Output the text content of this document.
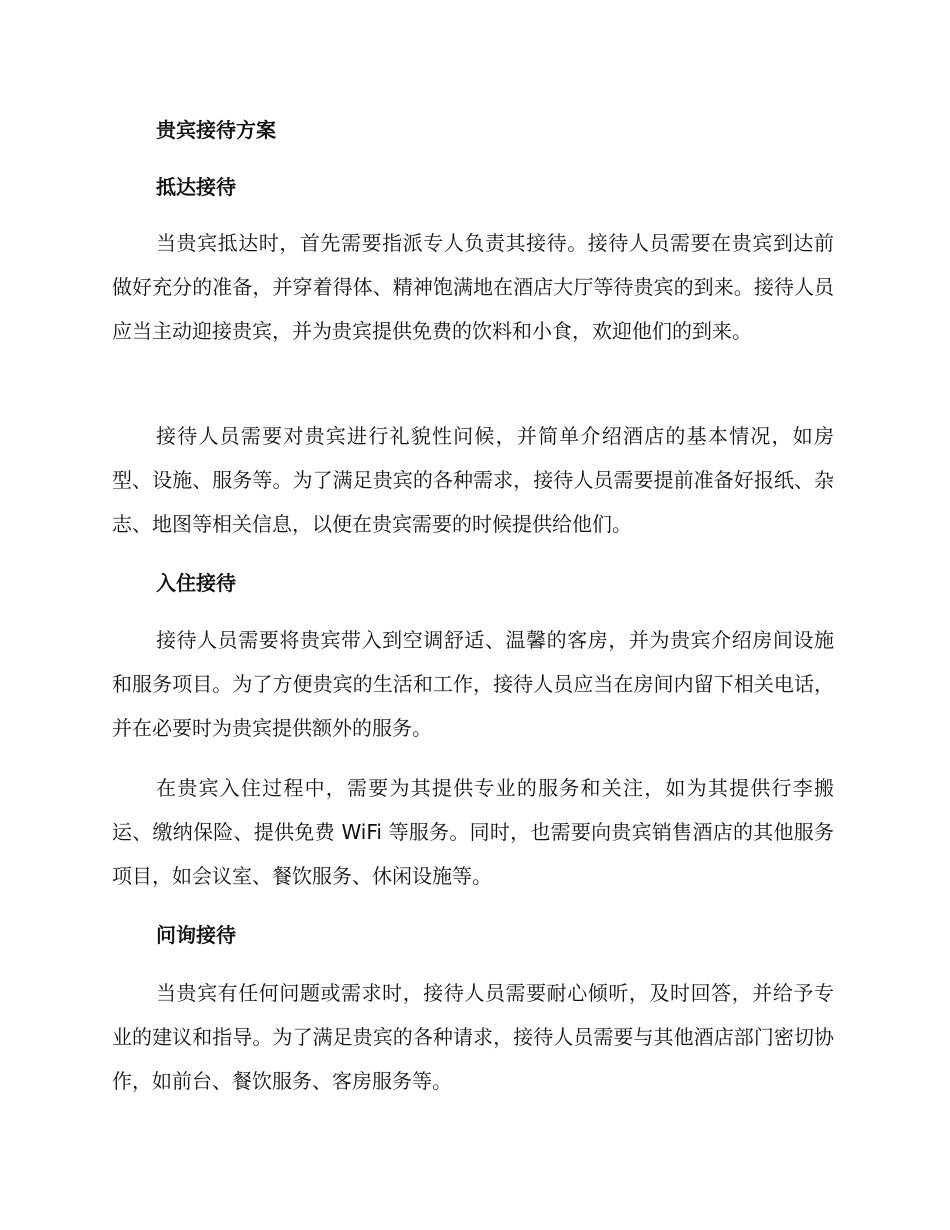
贵宾接待方案
抵达接待

当贵宾抵达时，首先需要指派专人负责其接待。接待人员需要在贵宾到达前做好充分的准备，并穿着得体、精神饱满地在酒店大厅等待贵宾的到来。接待人员应当主动迎接贵宾，并为贵宾提供免费的饮料和小食，欢迎他们的到来。

接待人员需要对贵宾进行礼貌性问候，并简单介绍酒店的基本情况，如房型、设施、服务等。为了满足贵宾的各种需求，接待人员需要提前准备好报纸、杂志、地图等相关信息，以便在贵宾需要的时候提供给他们。

入住接待

接待人员需要将贵宾带入到空调舒适、温馨的客房，并为贵宾介绍房间设施和服务项目。为了方便贵宾的生活和工作，接待人员应当在房间内留下相关电话，并在必要时为贵宾提供额外的服务。

在贵宾入住过程中，需要为其提供专业的服务和关注，如为其提供行李搬运、缴纳保险、提供免费 WiFi 等服务。同时，也需要向贵宾销售酒店的其他服务项目，如会议室、餐饮服务、休闲设施等。

问询接待

当贵宾有任何问题或需求时，接待人员需要耐心倾听，及时回答，并给予专业的建议和指导。为了满足贵宾的各种请求，接待人员需要与其他酒店部门密切协作，如前台、餐饮服务、客房服务等。
